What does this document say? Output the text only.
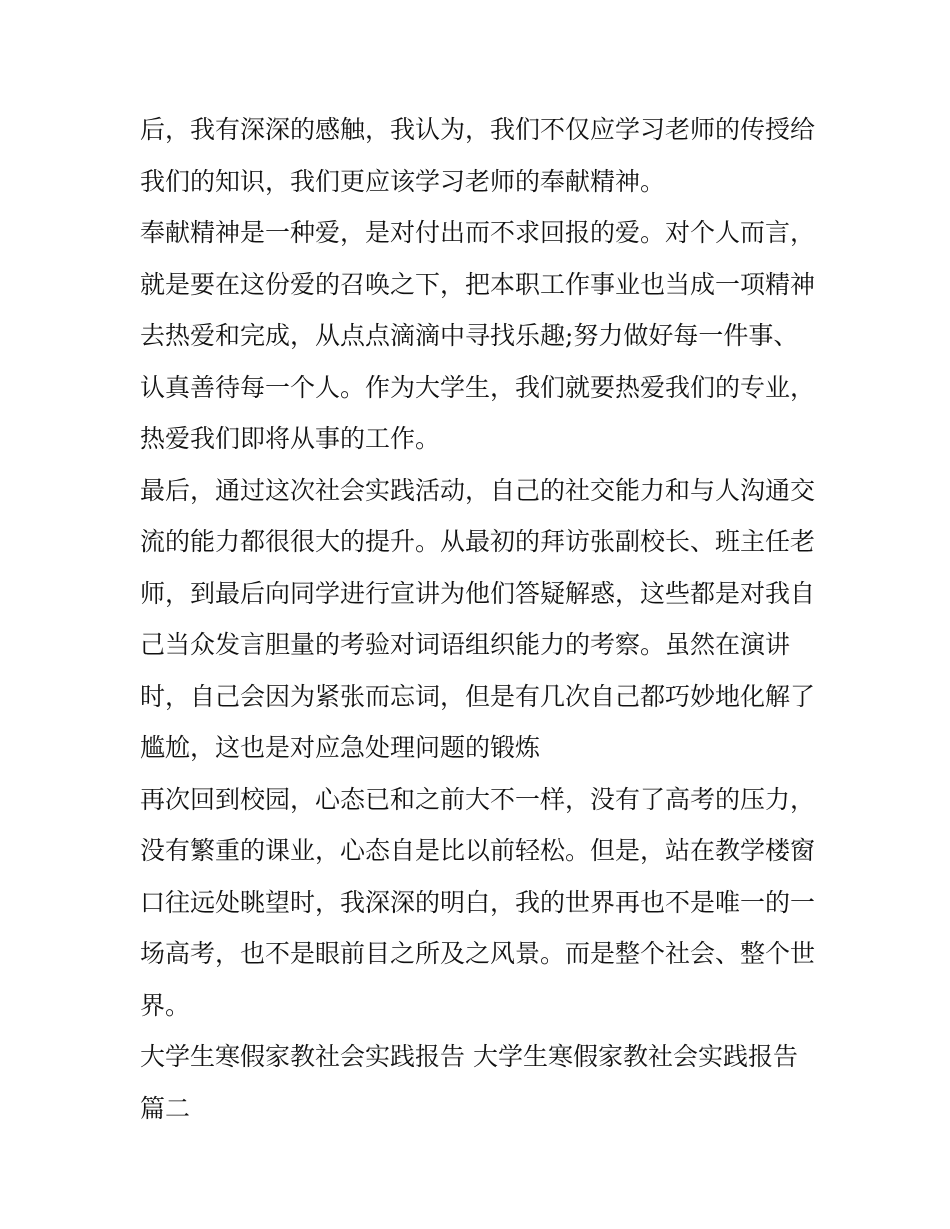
后，我有深深的感触，我认为，我们不仅应学习老师的传授给
我们的知识，我们更应该学习老师的奉献精神。
奉献精神是一种爱，是对付出而不求回报的爱。对个人而言，
就是要在这份爱的召唤之下，把本职工作事业也当成一项精神
去热爱和完成，从点点滴滴中寻找乐趣;努力做好每一件事、
认真善待每一个人。作为大学生，我们就要热爱我们的专业，
热爱我们即将从事的工作。
最后，通过这次社会实践活动，自己的社交能力和与人沟通交
流的能力都很很大的提升。从最初的拜访张副校长、班主任老
师，到最后向同学进行宣讲为他们答疑解惑，这些都是对我自
己当众发言胆量的考验对词语组织能力的考察。虽然在演讲
时，自己会因为紧张而忘词，但是有几次自己都巧妙地化解了
尴尬，这也是对应急处理问题的锻炼
再次回到校园，心态已和之前大不一样，没有了高考的压力，
没有繁重的课业，心态自是比以前轻松。但是，站在教学楼窗
口往远处眺望时，我深深的明白，我的世界再也不是唯一的一
场高考，也不是眼前目之所及之风景。而是整个社会、整个世
界。
大学生寒假家教社会实践报告 大学生寒假家教社会实践报告
篇二
